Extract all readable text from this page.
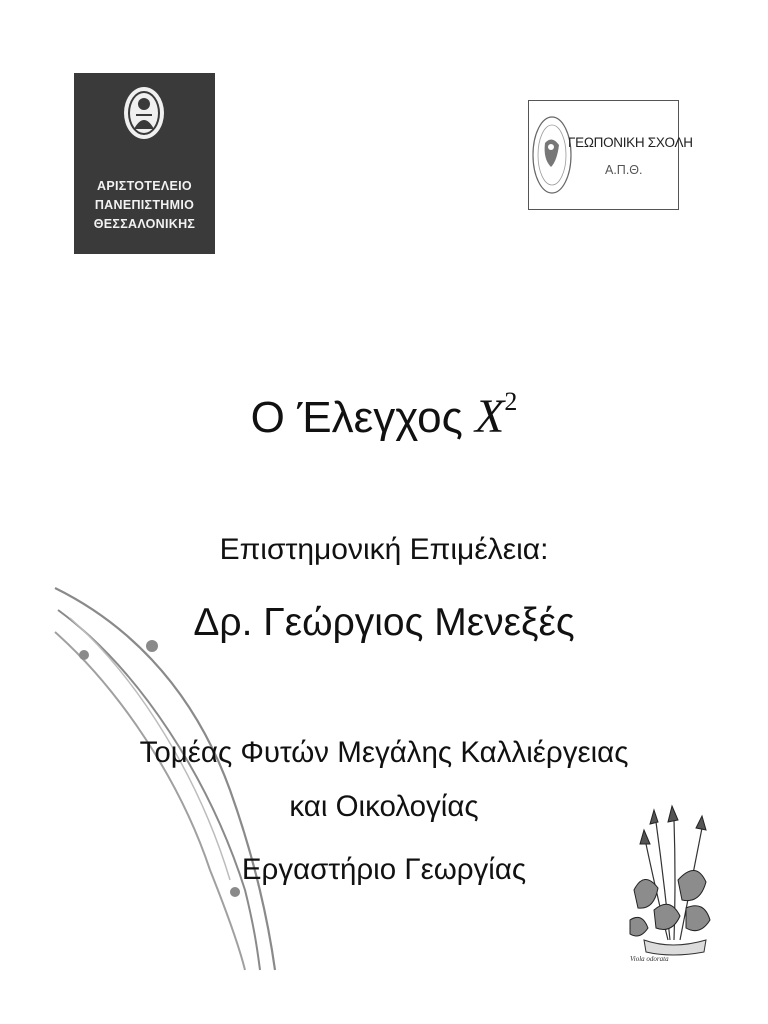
ΑΡΙΣΤΟΤΕΛΕΙΟ
ΠΑΝΕΠΙΣΤΗΜΙΟ
ΘΕΣΣΑΛΟΝΙΚΗΣ
ΓΕΩΠΟΝΙΚΗ ΣΧΟΛΗ
Α.Π.Θ.
Ο Έλεγχος $X^2$
Επιστημονική Επιμέλεια:
Δρ. Γεώργιος Μενεξές
Τομέας Φυτών Μεγάλης Καλλιέργειας
και Οικολογίας
Εργαστήριο Γεωργίας
Viola odorata
